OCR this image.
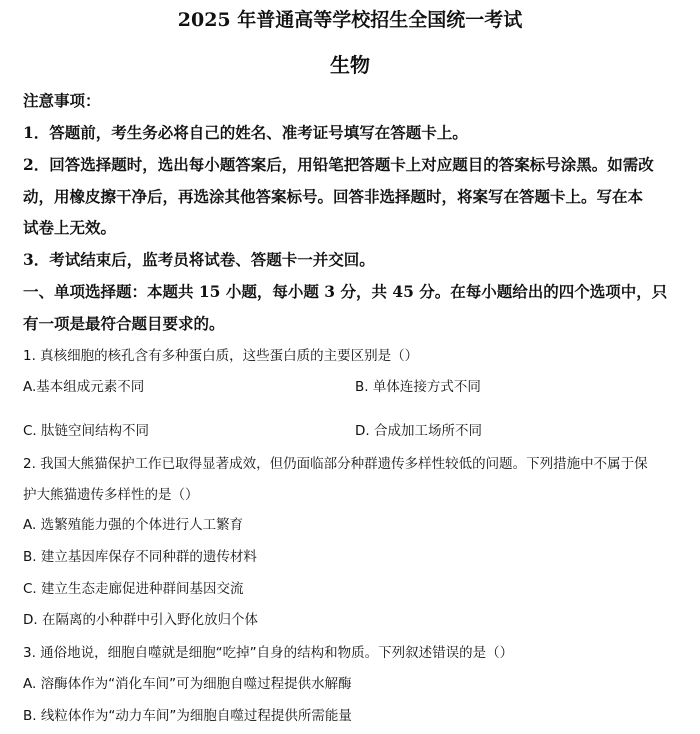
2025 年普通高等学校招生全国统一考试
生物
注意事项：
1．答题前，考生务必将自己的姓名、准考证号填写在答题卡上。
2．回答选择题时，选出每小题答案后，用铅笔把答题卡上对应题目的答案标号涂黑。如需改
动，用橡皮擦干净后，再选涂其他答案标号。回答非选择题时，将案写在答题卡上。写在本
试卷上无效。
3．考试结束后，监考员将试卷、答题卡一并交回。
一、单项选择题：本题共 15 小题，每小题 3 分，共 45 分。在每小题给出的四个选项中，只
有一项是最符合题目要求的。
1. 真核细胞的核孔含有多种蛋白质，这些蛋白质的主要区别是（）
A.基本组成元素不同	B. 单体连接方式不同
C. 肽链空间结构不同	D. 合成加工场所不同
2. 我国大熊猫保护工作已取得显著成效，但仍面临部分种群遗传多样性较低的问题。下列措施中不属于保
护大熊猫遗传多样性的是（）
A. 选繁殖能力强的个体进行人工繁育
B. 建立基因库保存不同种群的遗传材料
C. 建立生态走廊促进种群间基因交流
D. 在隔离的小种群中引入野化放归个体
3. 通俗地说，细胞自噬就是细胞“吃掉”自身的结构和物质。下列叙述错误的是（）
A. 溶酶体作为“消化车间”可为细胞自噬过程提供水解酶
B. 线粒体作为“动力车间”为细胞自噬过程提供所需能量
